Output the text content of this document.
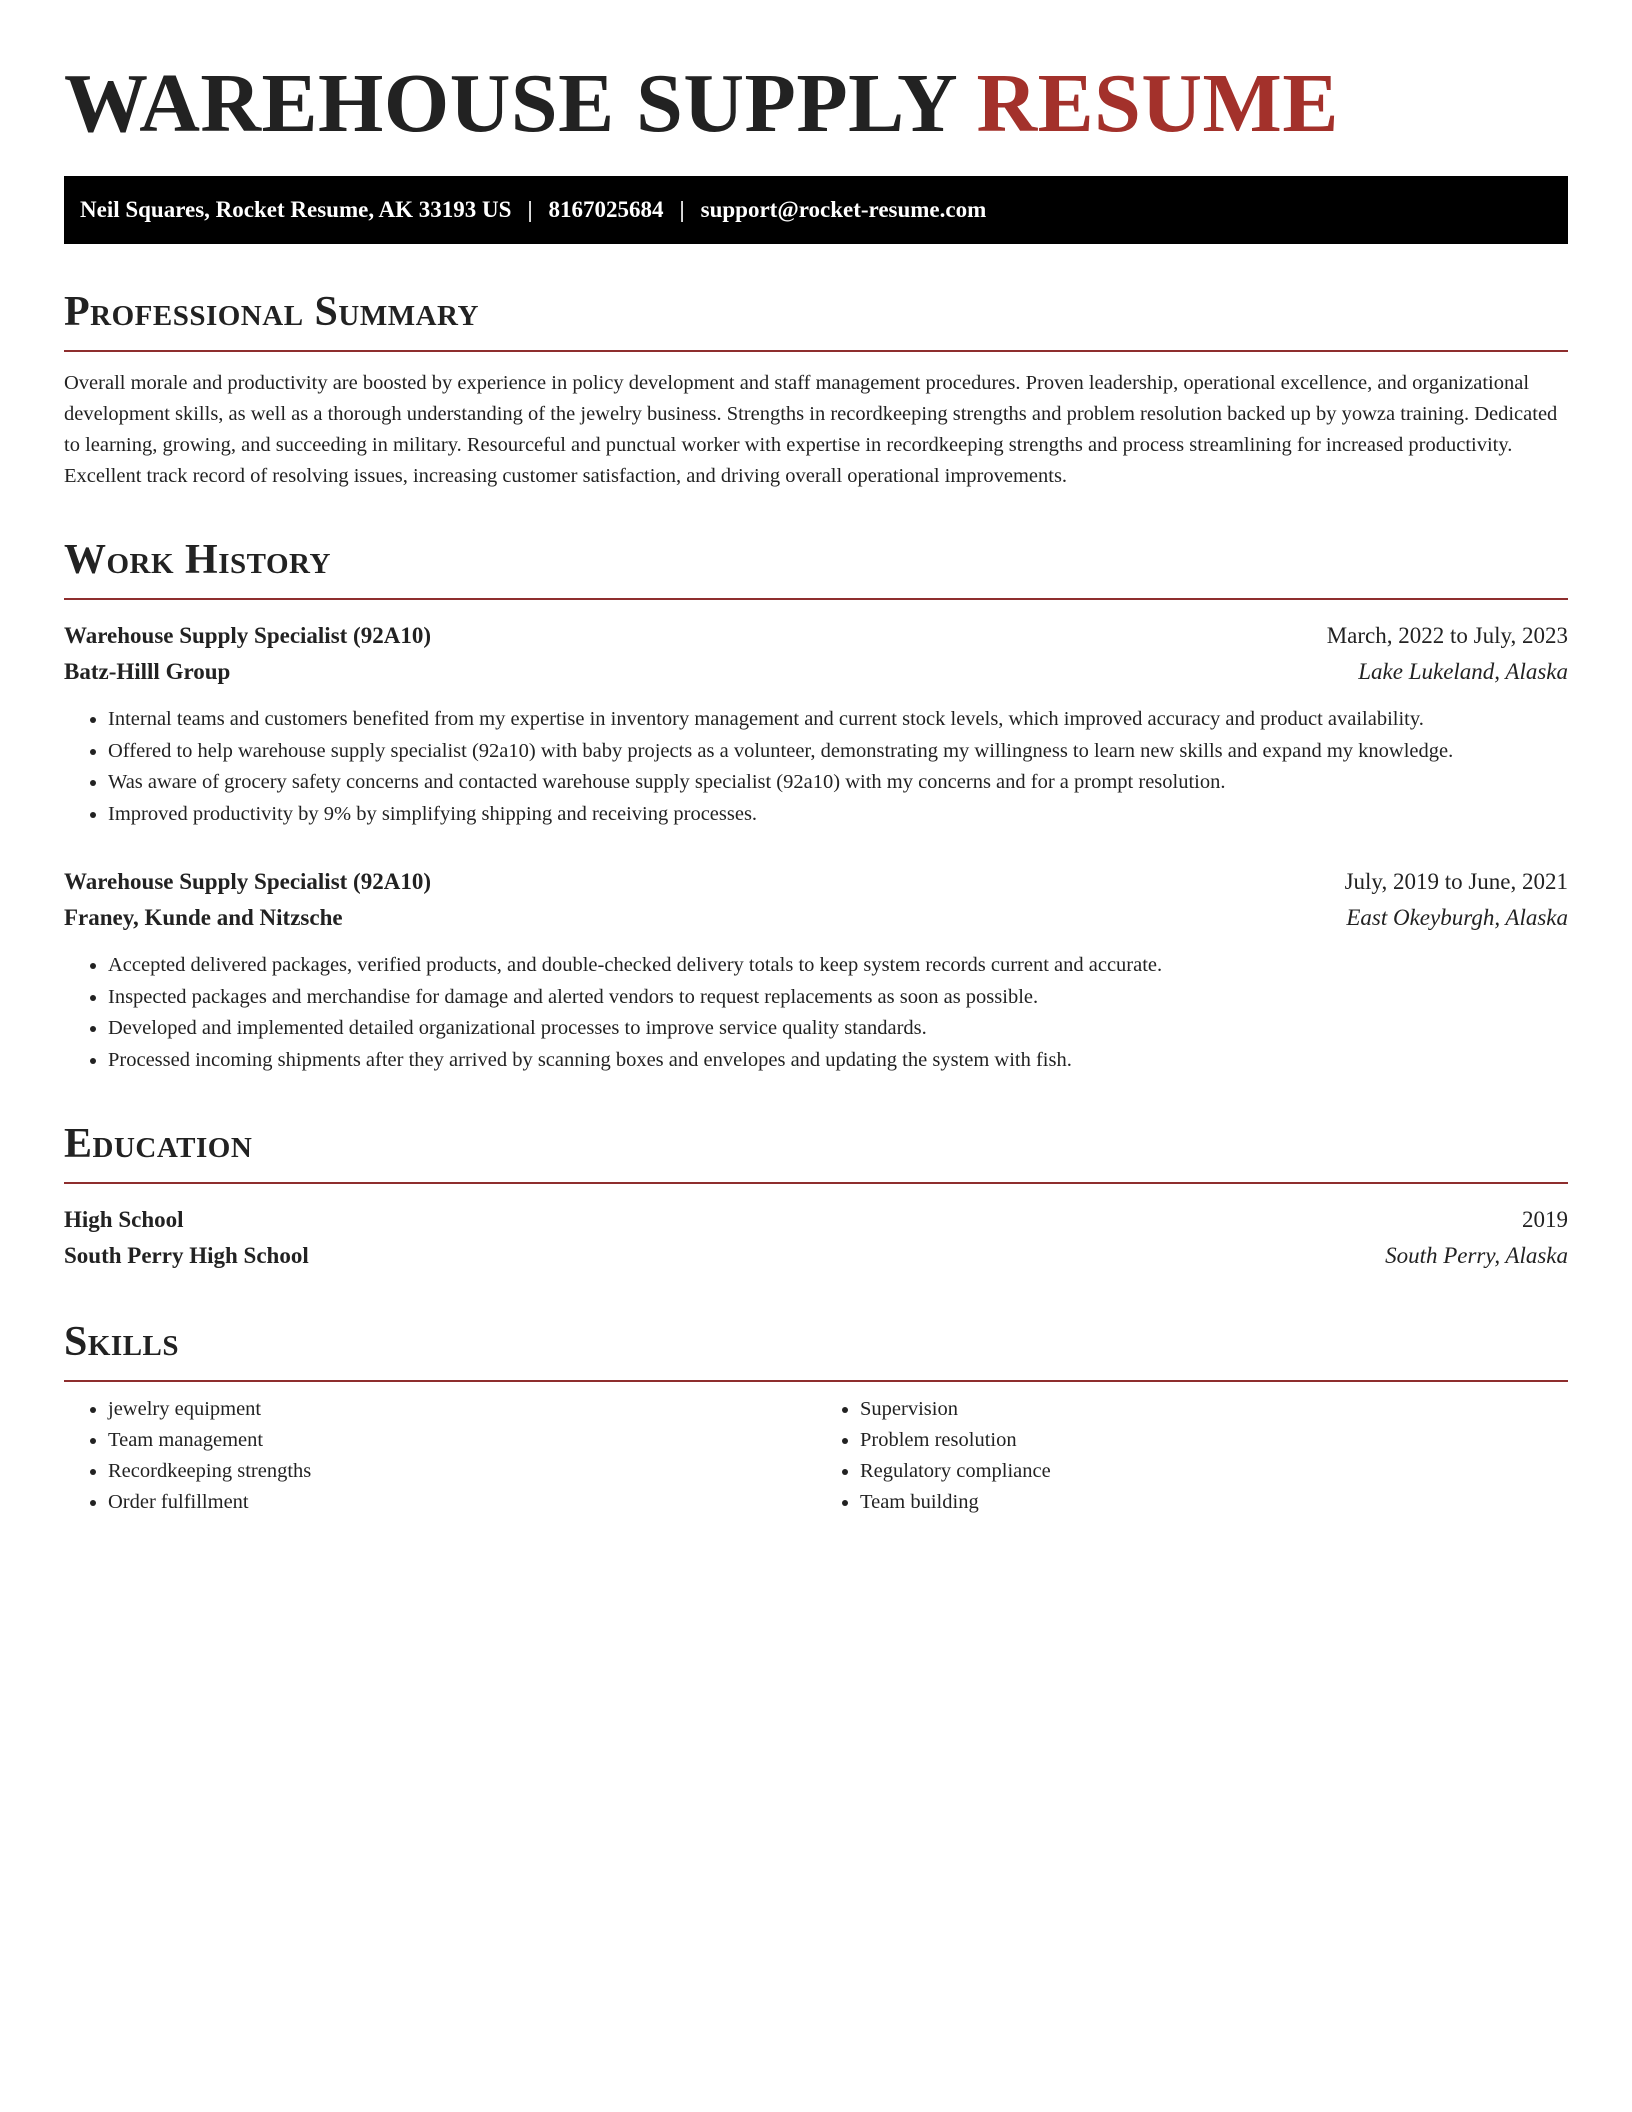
WAREHOUSE SUPPLY RESUME
Neil Squares, Rocket Resume, AK 33193 US | 8167025684 | support@rocket-resume.com
Professional Summary

Overall morale and productivity are boosted by experience in policy development and staff management procedures. Proven leadership, operational excellence, and organizational development skills, as well as a thorough understanding of the jewelry business. Strengths in recordkeeping strengths and problem resolution backed up by yowza training. Dedicated to learning, growing, and succeeding in military. Resourceful and punctual worker with expertise in recordkeeping strengths and process streamlining for increased productivity. Excellent track record of resolving issues, increasing customer satisfaction, and driving overall operational improvements.

Work History
Warehouse Supply Specialist (92A10)	March, 2022 to July, 2023
Batz-Hilll Group	Lake Lukeland, Alaska
• Internal teams and customers benefited from my expertise in inventory management and current stock levels, which improved accuracy and product availability.
• Offered to help warehouse supply specialist (92a10) with baby projects as a volunteer, demonstrating my willingness to learn new skills and expand my knowledge.
• Was aware of grocery safety concerns and contacted warehouse supply specialist (92a10) with my concerns and for a prompt resolution.
• Improved productivity by 9% by simplifying shipping and receiving processes.
Warehouse Supply Specialist (92A10)	July, 2019 to June, 2021
Franey, Kunde and Nitzsche	East Okeyburgh, Alaska
• Accepted delivered packages, verified products, and double-checked delivery totals to keep system records current and accurate.
• Inspected packages and merchandise for damage and alerted vendors to request replacements as soon as possible.
• Developed and implemented detailed organizational processes to improve service quality standards.
• Processed incoming shipments after they arrived by scanning boxes and envelopes and updating the system with fish.
Education
High School	2019
South Perry High School	South Perry, Alaska
Skills
• jewelry equipment
• Team management
• Recordkeeping strengths
• Order fulfillment
• Supervision
• Problem resolution
• Regulatory compliance
• Team building
